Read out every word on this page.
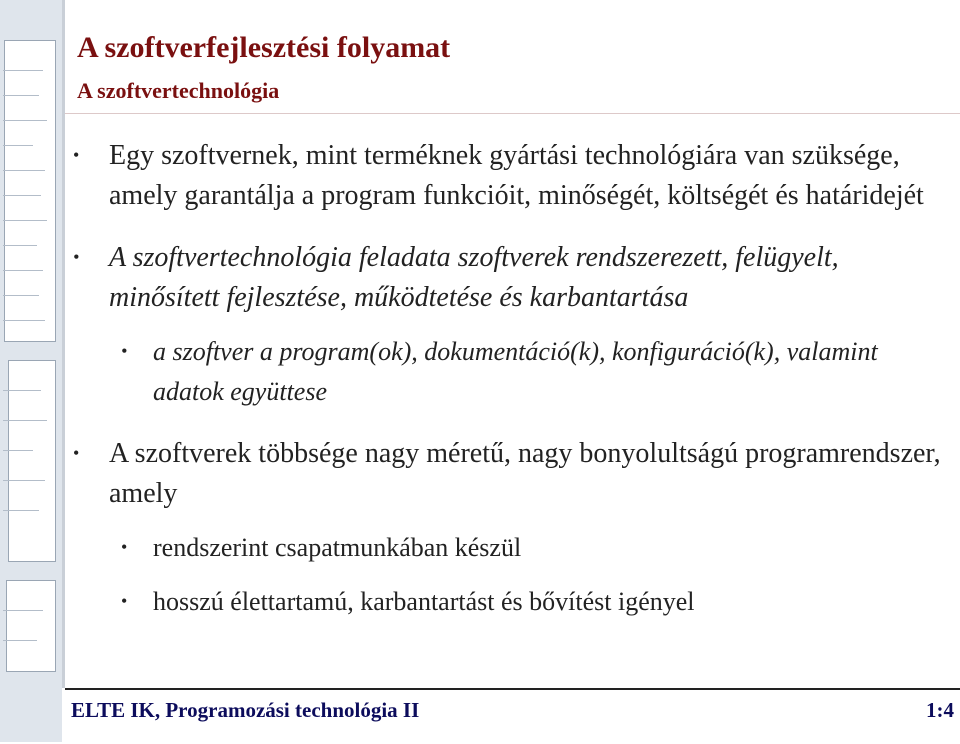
A szoftverfejlesztési folyamat
A szoftvertechnológia
• Egy szoftvernek, mint terméknek gyártási technológiára van szüksége, amely garantálja a program funkcióit, minőségét, költségét és határidejét
• A szoftvertechnológia feladata szoftverek rendszerezett, felügyelt, minősített fejlesztése, működtetése és karbantartása
• a szoftver a program(ok), dokumentáció(k), konfiguráció(k), valamint adatok együttese
• A szoftverek többsége nagy méretű, nagy bonyolultságú programrendszer, amely
• rendszerint csapatmunkában készül
• hosszú élettartamú, karbantartást és bővítést igényel
ELTE IK, Programozási technológia II	1:4
